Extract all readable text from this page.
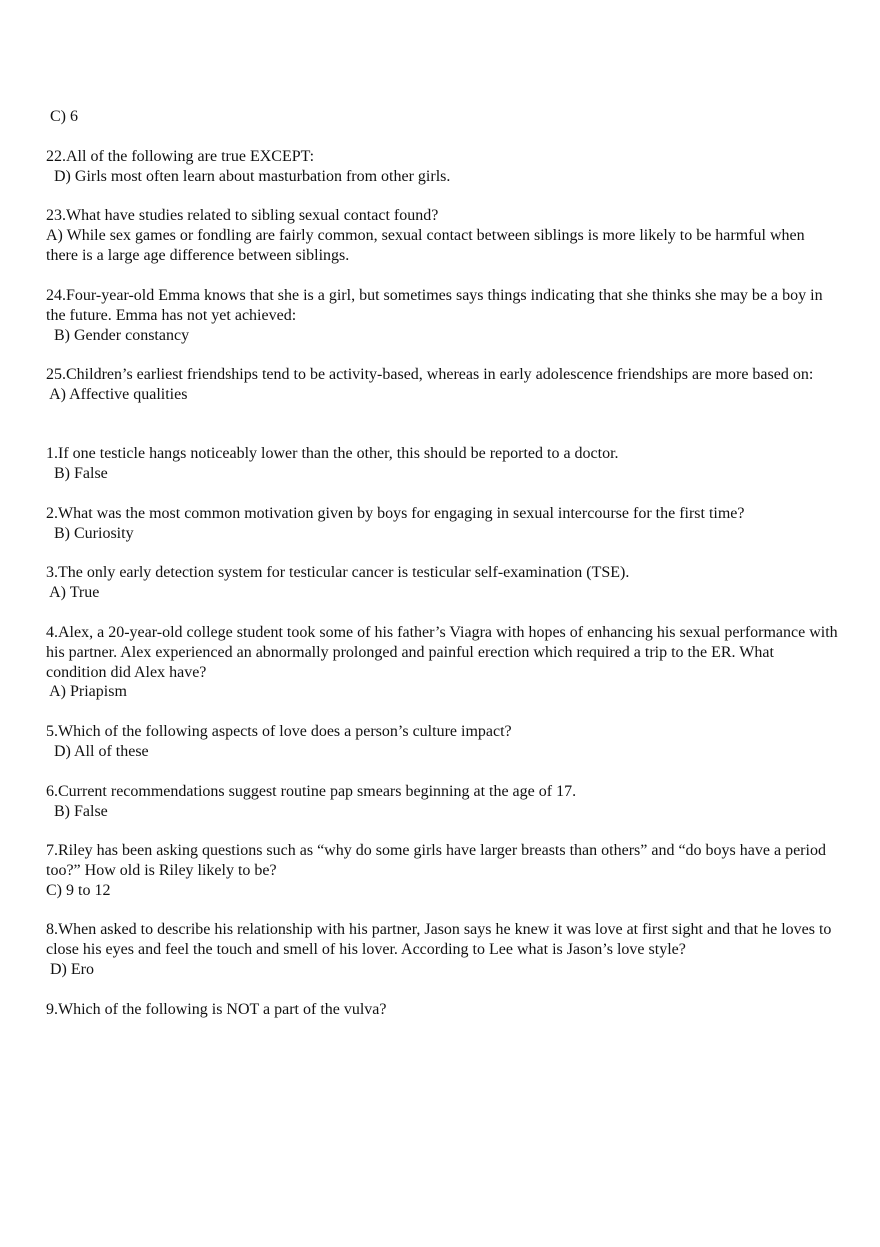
C) 6
22.All of the following are true EXCEPT:
D) Girls most often learn about masturbation from other girls.
23.What have studies related to sibling sexual contact found?
A) While sex games or fondling are fairly common, sexual contact between siblings is more likely to be harmful when there is a large age difference between siblings.
24.Four-year-old Emma knows that she is a girl, but sometimes says things indicating that she thinks she may be a boy in the future. Emma has not yet achieved:
B) Gender constancy
25.Children’s earliest friendships tend to be activity-based, whereas in early adolescence friendships are more based on:
A) Affective qualities
1.If one testicle hangs noticeably lower than the other, this should be reported to a doctor.
B) False
2.What was the most common motivation given by boys for engaging in sexual intercourse for the first time?
B) Curiosity
3.The only early detection system for testicular cancer is testicular self-examination (TSE).
A) True
4.Alex, a 20-year-old college student took some of his father’s Viagra with hopes of enhancing his sexual performance with his partner. Alex experienced an abnormally prolonged and painful erection which required a trip to the ER. What condition did Alex have?
A) Priapism
5.Which of the following aspects of love does a person’s culture impact?
D) All of these
6.Current recommendations suggest routine pap smears beginning at the age of 17.
B) False
7.Riley has been asking questions such as “why do some girls have larger breasts than others” and “do boys have a period too?” How old is Riley likely to be?
C) 9 to 12
8.When asked to describe his relationship with his partner, Jason says he knew it was love at first sight and that he loves to close his eyes and feel the touch and smell of his lover. According to Lee what is Jason’s love style?
D) Ero
9.Which of the following is NOT a part of the vulva?
